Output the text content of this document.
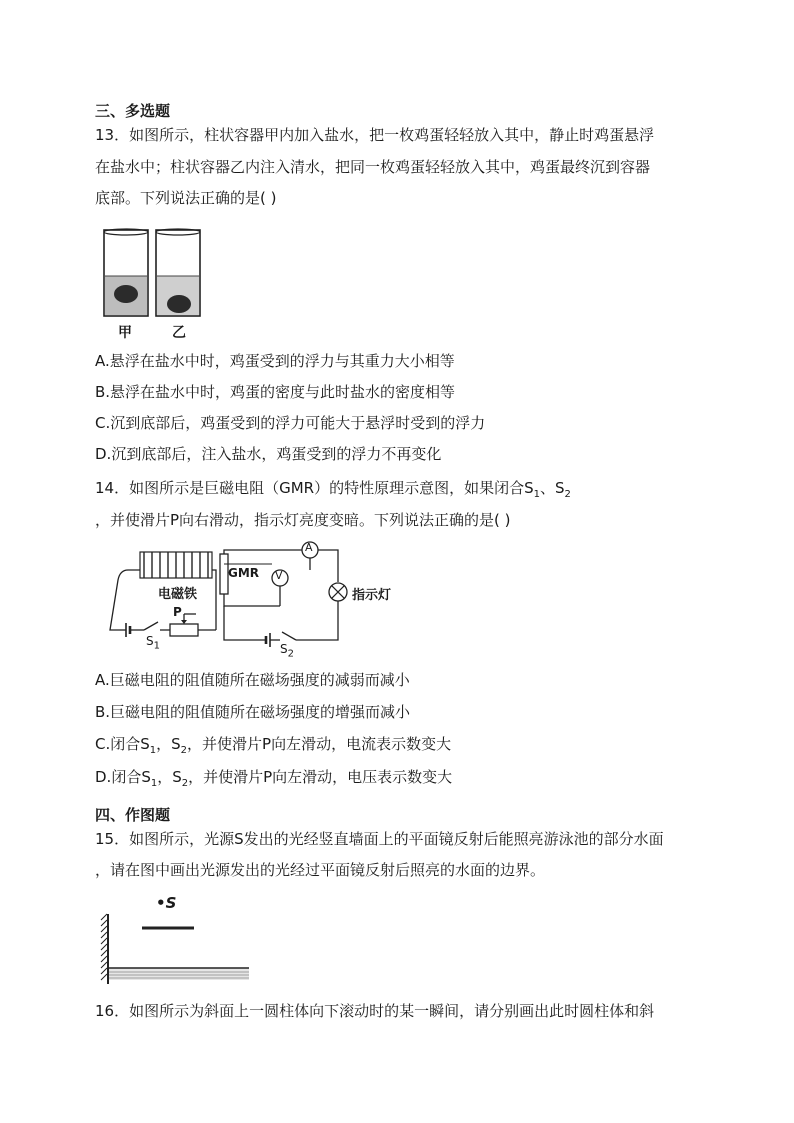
三、多选题
13．如图所示，柱状容器甲内加入盐水，把一枚鸡蛋轻轻放入其中，静止时鸡蛋悬浮
在盐水中；柱状容器乙内注入清水，把同一枚鸡蛋轻轻放入其中，鸡蛋最终沉到容器
底部。下列说法正确的是( )
甲	乙
A.悬浮在盐水中时，鸡蛋受到的浮力与其重力大小相等
B.悬浮在盐水中时，鸡蛋的密度与此时盐水的密度相等
C.沉到底部后，鸡蛋受到的浮力可能大于悬浮时受到的浮力
D.沉到底部后，注入盐水，鸡蛋受到的浮力不再变化
14．如图所示是巨磁电阻（GMR）的特性原理示意图，如果闭合$S_1$、$S_2$
，并使滑片P向右滑动，指示灯亮度变暗。下列说法正确的是( )
电磁铁
GMR V
A
指示灯
P
$S_1$	$S_2$
A.巨磁电阻的阻值随所在磁场强度的减弱而减小
B.巨磁电阻的阻值随所在磁场强度的增强而减小
C.闭合$S_1$，$S_2$，并使滑片P向左滑动，电流表示数变大
D.闭合$S_1$，$S_2$，并使滑片P向左滑动，电压表示数变大
四、作图题
15．如图所示，光源S发出的光经竖直墙面上的平面镜反射后能照亮游泳池的部分水面
，请在图中画出光源发出的光经过平面镜反射后照亮的水面的边界。
•S
16．如图所示为斜面上一圆柱体向下滚动时的某一瞬间，请分别画出此时圆柱体和斜
